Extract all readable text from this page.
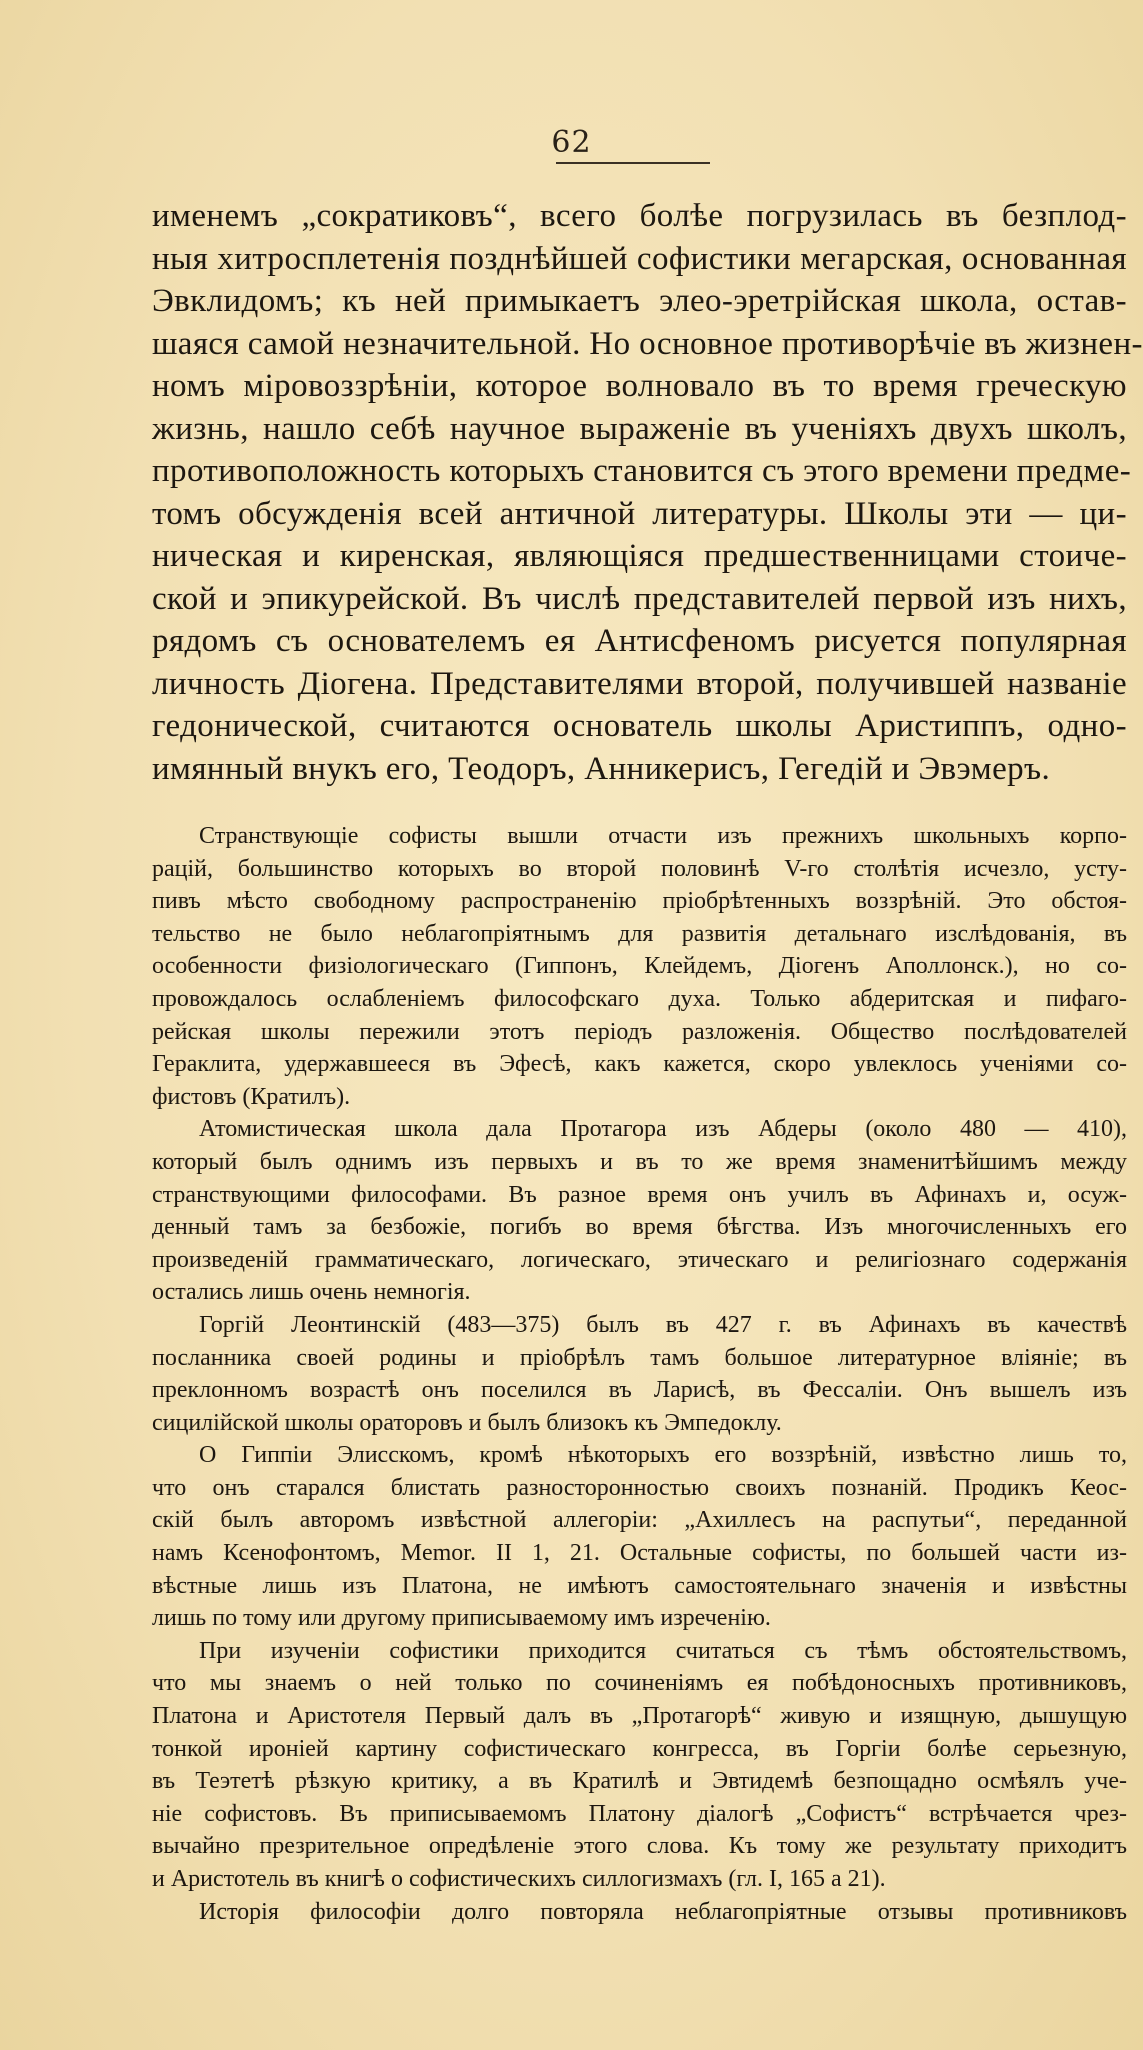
62
именемъ „сократиковъ“, всего болѣе погрузилась въ безплод-
ныя хитросплетенія позднѣйшей софистики мегарская, основанная
Эвклидомъ; къ ней примыкаетъ элео-эретрійская школа, остав-
шаяся самой незначительной. Но основное противорѣчіе въ жизнен-
номъ міровоззрѣніи, которое волновало въ то время греческую
жизнь, нашло себѣ научное выраженіе въ ученіяхъ двухъ школъ,
противоположность которыхъ становится съ этого времени предме-
томъ обсужденія всей античной литературы. Школы эти — ци-
ническая и киренская, являющіяся предшественницами стоиче-
ской и эпикурейской. Въ числѣ представителей первой изъ нихъ,
рядомъ съ основателемъ ея Антисфеномъ рисуется популярная
личность Діогена. Представителями второй, получившей названіе
гедонической, считаются основатель школы Аристиппъ, одно-
имянный внукъ его, Теодоръ, Анникерисъ, Гегедій и Эвэмеръ.
Странствующіе софисты вышли отчасти изъ прежнихъ школьныхъ корпо-
рацій, большинство которыхъ во второй половинѣ V-го столѣтія исчезло, усту-
пивъ мѣсто свободному распространенію пріобрѣтенныхъ воззрѣній. Это обстоя-
тельство не было неблагопріятнымъ для развитія детальнаго изслѣдованія, въ
особенности физіологическаго (Гиппонъ, Клейдемъ, Діогенъ Аполлонск.), но со-
провождалось ослабленіемъ философскаго духа. Только абдеритская и пифаго-
рейская школы пережили этотъ періодъ разложенія. Общество послѣдователей
Гераклита, удержавшееся въ Эфесѣ, какъ кажется, скоро увлеклось ученіями со-
фистовъ (Кратилъ).
Атомистическая школа дала Протагора изъ Абдеры (около 480 — 410),
который былъ однимъ изъ первыхъ и въ то же время знаменитѣйшимъ между
странствующими философами. Въ разное время онъ училъ въ Афинахъ и, осуж-
денный тамъ за безбожіе, погибъ во время бѣгства. Изъ многочисленныхъ его
произведеній грамматическаго, логическаго, этическаго и религіознаго содержанія
остались лишь очень немногія.
Горгій Леонтинскій (483—375) былъ въ 427 г. въ Афинахъ въ качествѣ
посланника своей родины и пріобрѣлъ тамъ большое литературное вліяніе; въ
преклонномъ возрастѣ онъ поселился въ Ларисѣ, въ Фессаліи. Онъ вышелъ изъ
сицилійской школы ораторовъ и былъ близокъ къ Эмпедоклу.
О Гиппіи Элисскомъ, кромѣ нѣкоторыхъ его воззрѣній, извѣстно лишь то,
что онъ старался блистать разносторонностью своихъ познаній. Продикъ Кеос-
скій былъ авторомъ извѣстной аллегоріи: „Ахиллесъ на распутьи“, переданной
намъ Ксенофонтомъ, Memor. II 1, 21. Остальные софисты, по большей части из-
вѣстные лишь изъ Платона, не имѣютъ самостоятельнаго значенія и извѣстны
лишь по тому или другому приписываемому имъ изреченію.
При изученіи софистики приходится считаться съ тѣмъ обстоятельствомъ,
что мы знаемъ о ней только по сочиненіямъ ея побѣдоносныхъ противниковъ,
Платона и Аристотеля Первый далъ въ „Протагорѣ“ живую и изящную, дышущую
тонкой ироніей картину софистическаго конгресса, въ Горгіи болѣе серьезную,
въ Теэтетѣ рѣзкую критику, а въ Кратилѣ и Эвтидемѣ безпощадно осмѣялъ уче-
ніе софистовъ. Въ приписываемомъ Платону діалогѣ „Софистъ“ встрѣчается чрез-
вычайно презрительное опредѣленіе этого слова. Къ тому же результату приходитъ
и Аристотель въ книгѣ о софистическихъ силлогизмахъ (гл. I, 165 а 21).
Исторія философіи долго повторяла неблагопріятные отзывы противниковъ
